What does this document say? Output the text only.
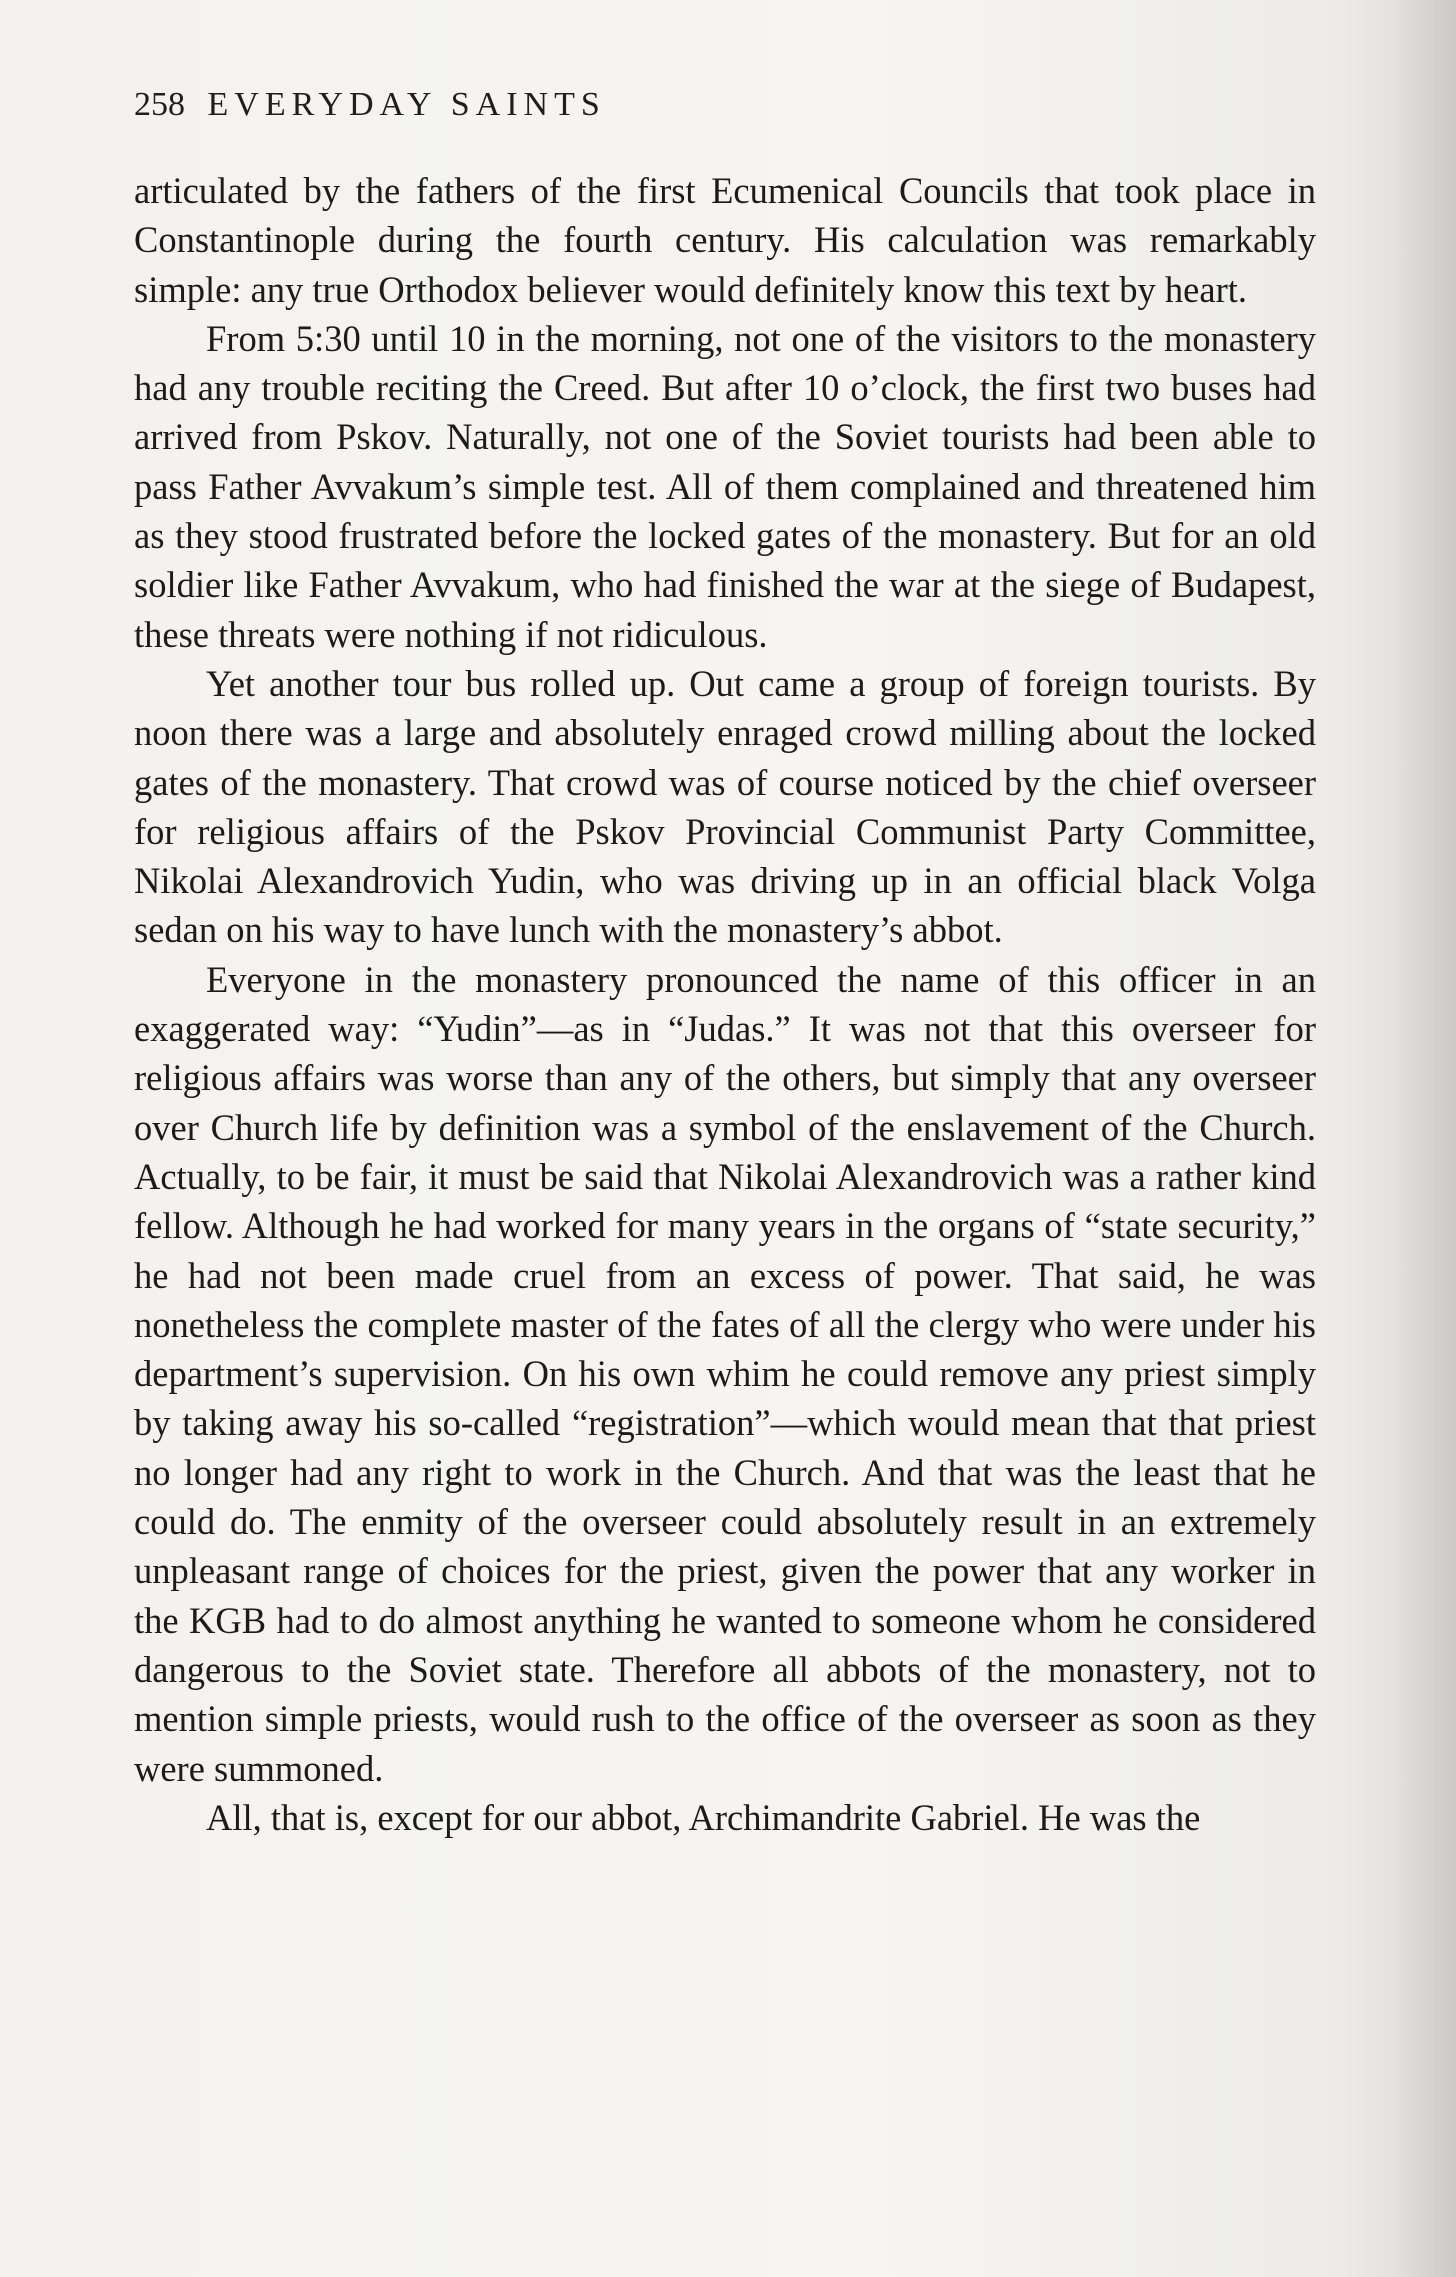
258 EVERYDAY SAINTS

articulated by the fathers of the first Ecumenical Councils that took place in Constantinople during the fourth century. His calculation was remarkably simple: any true Orthodox believer would definitely know this text by heart.

From 5:30 until 10 in the morning, not one of the visitors to the monastery had any trouble reciting the Creed. But after 10 o’clock, the first two buses had arrived from Pskov. Naturally, not one of the Soviet tourists had been able to pass Father Avvakum’s simple test. All of them complained and threatened him as they stood frustrated before the locked gates of the monastery. But for an old soldier like Father Avvakum, who had finished the war at the siege of Budapest, these threats were nothing if not ridiculous.

Yet another tour bus rolled up. Out came a group of foreign tourists. By noon there was a large and absolutely enraged crowd milling about the locked gates of the monastery. That crowd was of course noticed by the chief overseer for religious affairs of the Pskov Provincial Communist Party Committee, Nikolai Alexandrovich Yudin, who was driving up in an official black Volga sedan on his way to have lunch with the monastery’s abbot.

Everyone in the monastery pronounced the name of this officer in an exaggerated way: “Yudin”—as in “Judas.” It was not that this overseer for religious affairs was worse than any of the others, but simply that any overseer over Church life by definition was a symbol of the enslavement of the Church. Actually, to be fair, it must be said that Nikolai Alexandrovich was a rather kind fellow. Although he had worked for many years in the organs of “state security,” he had not been made cruel from an excess of power. That said, he was nonetheless the complete master of the fates of all the clergy who were under his department’s supervision. On his own whim he could remove any priest simply by taking away his so-called “registration”—which would mean that that priest no longer had any right to work in the Church. And that was the least that he could do. The enmity of the overseer could absolutely result in an extremely unpleasant range of choices for the priest, given the power that any worker in the KGB had to do almost anything he wanted to someone whom he considered dangerous to the Soviet state. Therefore all abbots of the monastery, not to mention simple priests, would rush to the office of the overseer as soon as they were summoned.

All, that is, except for our abbot, Archimandrite Gabriel. He was the
